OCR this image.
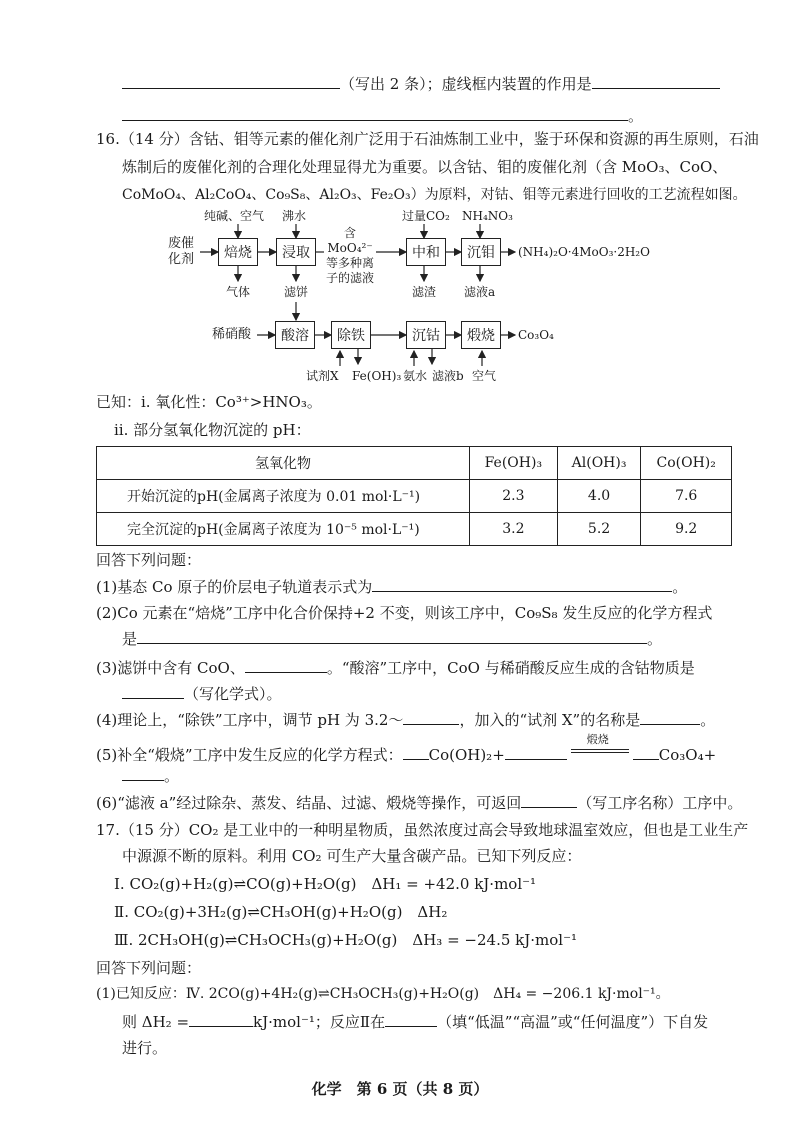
（写出 2 条）；虚线框内装置的作用是
。
16.（14 分）含钴、钼等元素的催化剂广泛用于石油炼制工业中，鉴于环保和资源的再生原则，石油
炼制后的废催化剂的合理化处理显得尤为重要。以含钴、钼的废催化剂（含 MoO₃、CoO、
CoMoO₄、Al₂CoO₄、Co₉S₈、Al₂O₃、Fe₂O₃）为原料，对钴、钼等元素进行回收的工艺流程如图。
废催化剂
纯碱、空气 沸水
焙烧	浸取
气体	滤饼
含MoO₄²⁻等多种离子的滤液
过量CO₂ NH₄NO₃
中和	沉钼	(NH₄)₂O·4MoO₃·2H₂O
滤渣 滤液a
稀硝酸	酸溶	除铁	沉钴	煅烧	Co₃O₄
试剂X Fe(OH)₃ 氨水 滤液b 空气
已知：ⅰ. 氧化性：Co³⁺>HNO₃。
ⅱ. 部分氢氧化物沉淀的 pH：
氢氧化物	Fe(OH)₃	Al(OH)₃	Co(OH)₂
开始沉淀的pH(金属离子浓度为 0.01 mol·L⁻¹)	2.3	4.0	7.6
完全沉淀的pH(金属离子浓度为 10⁻⁵ mol·L⁻¹)	3.2	5.2	9.2
回答下列问题：
(1)基态 Co 原子的价层电子轨道表示式为	。
(2)Co 元素在“焙烧”工序中化合价保持+2 不变，则该工序中，Co₉S₈ 发生反应的化学方程式
是	。
(3)滤饼中含有 CoO、	。“酸溶”工序中，CoO 与稀硝酸反应生成的含钴物质是
（写化学式）。
(4)理论上，“除铁”工序中，调节 pH 为 3.2～	，加入的“试剂 X”的名称是	。
(5)补全“煅烧”工序中发生反应的化学方程式： Co(OH)₂+
煅烧
Co₃O₄+
。
(6)“滤液 a”经过除杂、蒸发、结晶、过滤、煅烧等操作，可返回	（写工序名称）工序中。
17.（15 分）CO₂ 是工业中的一种明星物质，虽然浓度过高会导致地球温室效应，但也是工业生产
中源源不断的原料。利用 CO₂ 可生产大量含碳产品。已知下列反应：
Ⅰ. CO₂(g)+H₂(g)⇌CO(g)+H₂O(g)　ΔH₁ = +42.0 kJ·mol⁻¹
Ⅱ. CO₂(g)+3H₂(g)⇌CH₃OH(g)+H₂O(g)　ΔH₂
Ⅲ. 2CH₃OH(g)⇌CH₃OCH₃(g)+H₂O(g)　ΔH₃ = −24.5 kJ·mol⁻¹
回答下列问题：
(1)已知反应：Ⅳ. 2CO(g)+4H₂(g)⇌CH₃OCH₃(g)+H₂O(g)　ΔH₄ = −206.1 kJ·mol⁻¹。
则 ΔH₂ =	kJ·mol⁻¹；反应Ⅱ在	（填“低温”“高温”或“任何温度”）下自发
进行。
化学　第 6 页（共 8 页）
